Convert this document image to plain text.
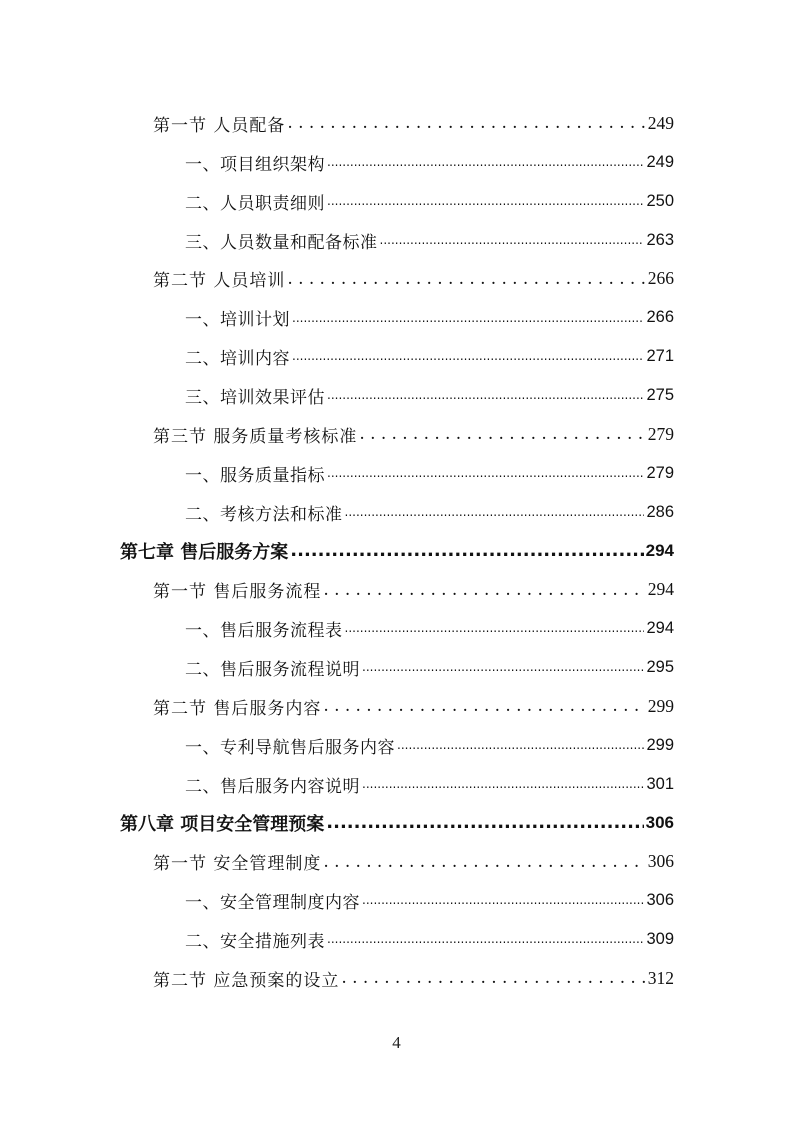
第一节 人员配备 .....	249
一、项目组织架构 .....	249
二、人员职责细则 .....	250
三、人员数量和配备标准 .....	263
第二节 人员培训 .....	266
一、培训计划 .....	266
二、培训内容 .....	271
三、培训效果评估 .....	275
第三节 服务质量考核标准 .....	279
一、服务质量指标 .....	279
二、考核方法和标准 .....	286
第七章 售后服务方案 .....	294
第一节 售后服务流程 .....	294
一、售后服务流程表 .....	294
二、售后服务流程说明 .....	295
第二节 售后服务内容 .....	299
一、专利导航售后服务内容 .....	299
二、售后服务内容说明 .....	301
第八章 项目安全管理预案 .....	306
第一节 安全管理制度 .....	306
一、安全管理制度内容 .....	306
二、安全措施列表 .....	309
第二节 应急预案的设立 .....	312
4
